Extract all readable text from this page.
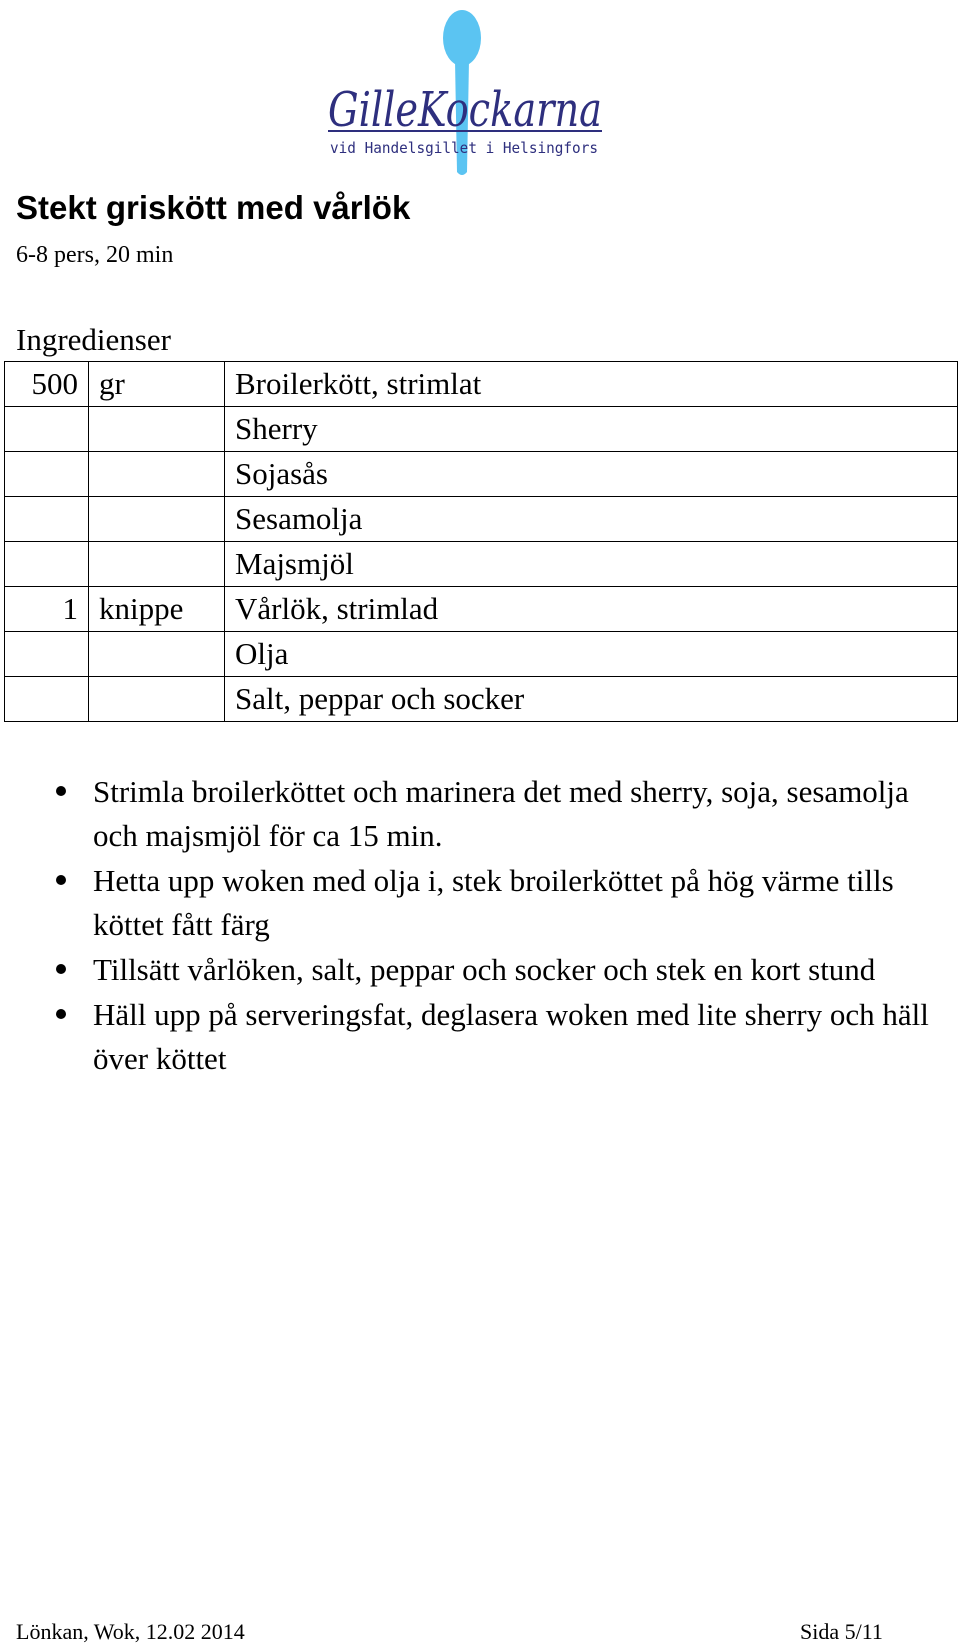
GilleKockarna
vid Handelsgillet i Helsingfors
Stekt griskött med vårlök
6-8 pers, 20 min
Ingredienser
500	gr	Broilerkött, strimlat
		Sherry
		Sojasås
		Sesamolja
		Majsmjöl
1	knippe	Vårlök, strimlad
		Olja
		Salt, peppar och socker
Strimla broilerköttet och marinera det med sherry, soja, sesamolja och majsmjöl för ca 15 min.
Hetta upp woken med olja i, stek broilerköttet på hög värme tills köttet fått färg
Tillsätt vårlöken, salt, peppar och socker och stek en kort stund
Häll upp på serveringsfat, deglasera woken med lite sherry och häll över köttet
Lönkan, Wok, 12.02 2014	Sida 5/11
